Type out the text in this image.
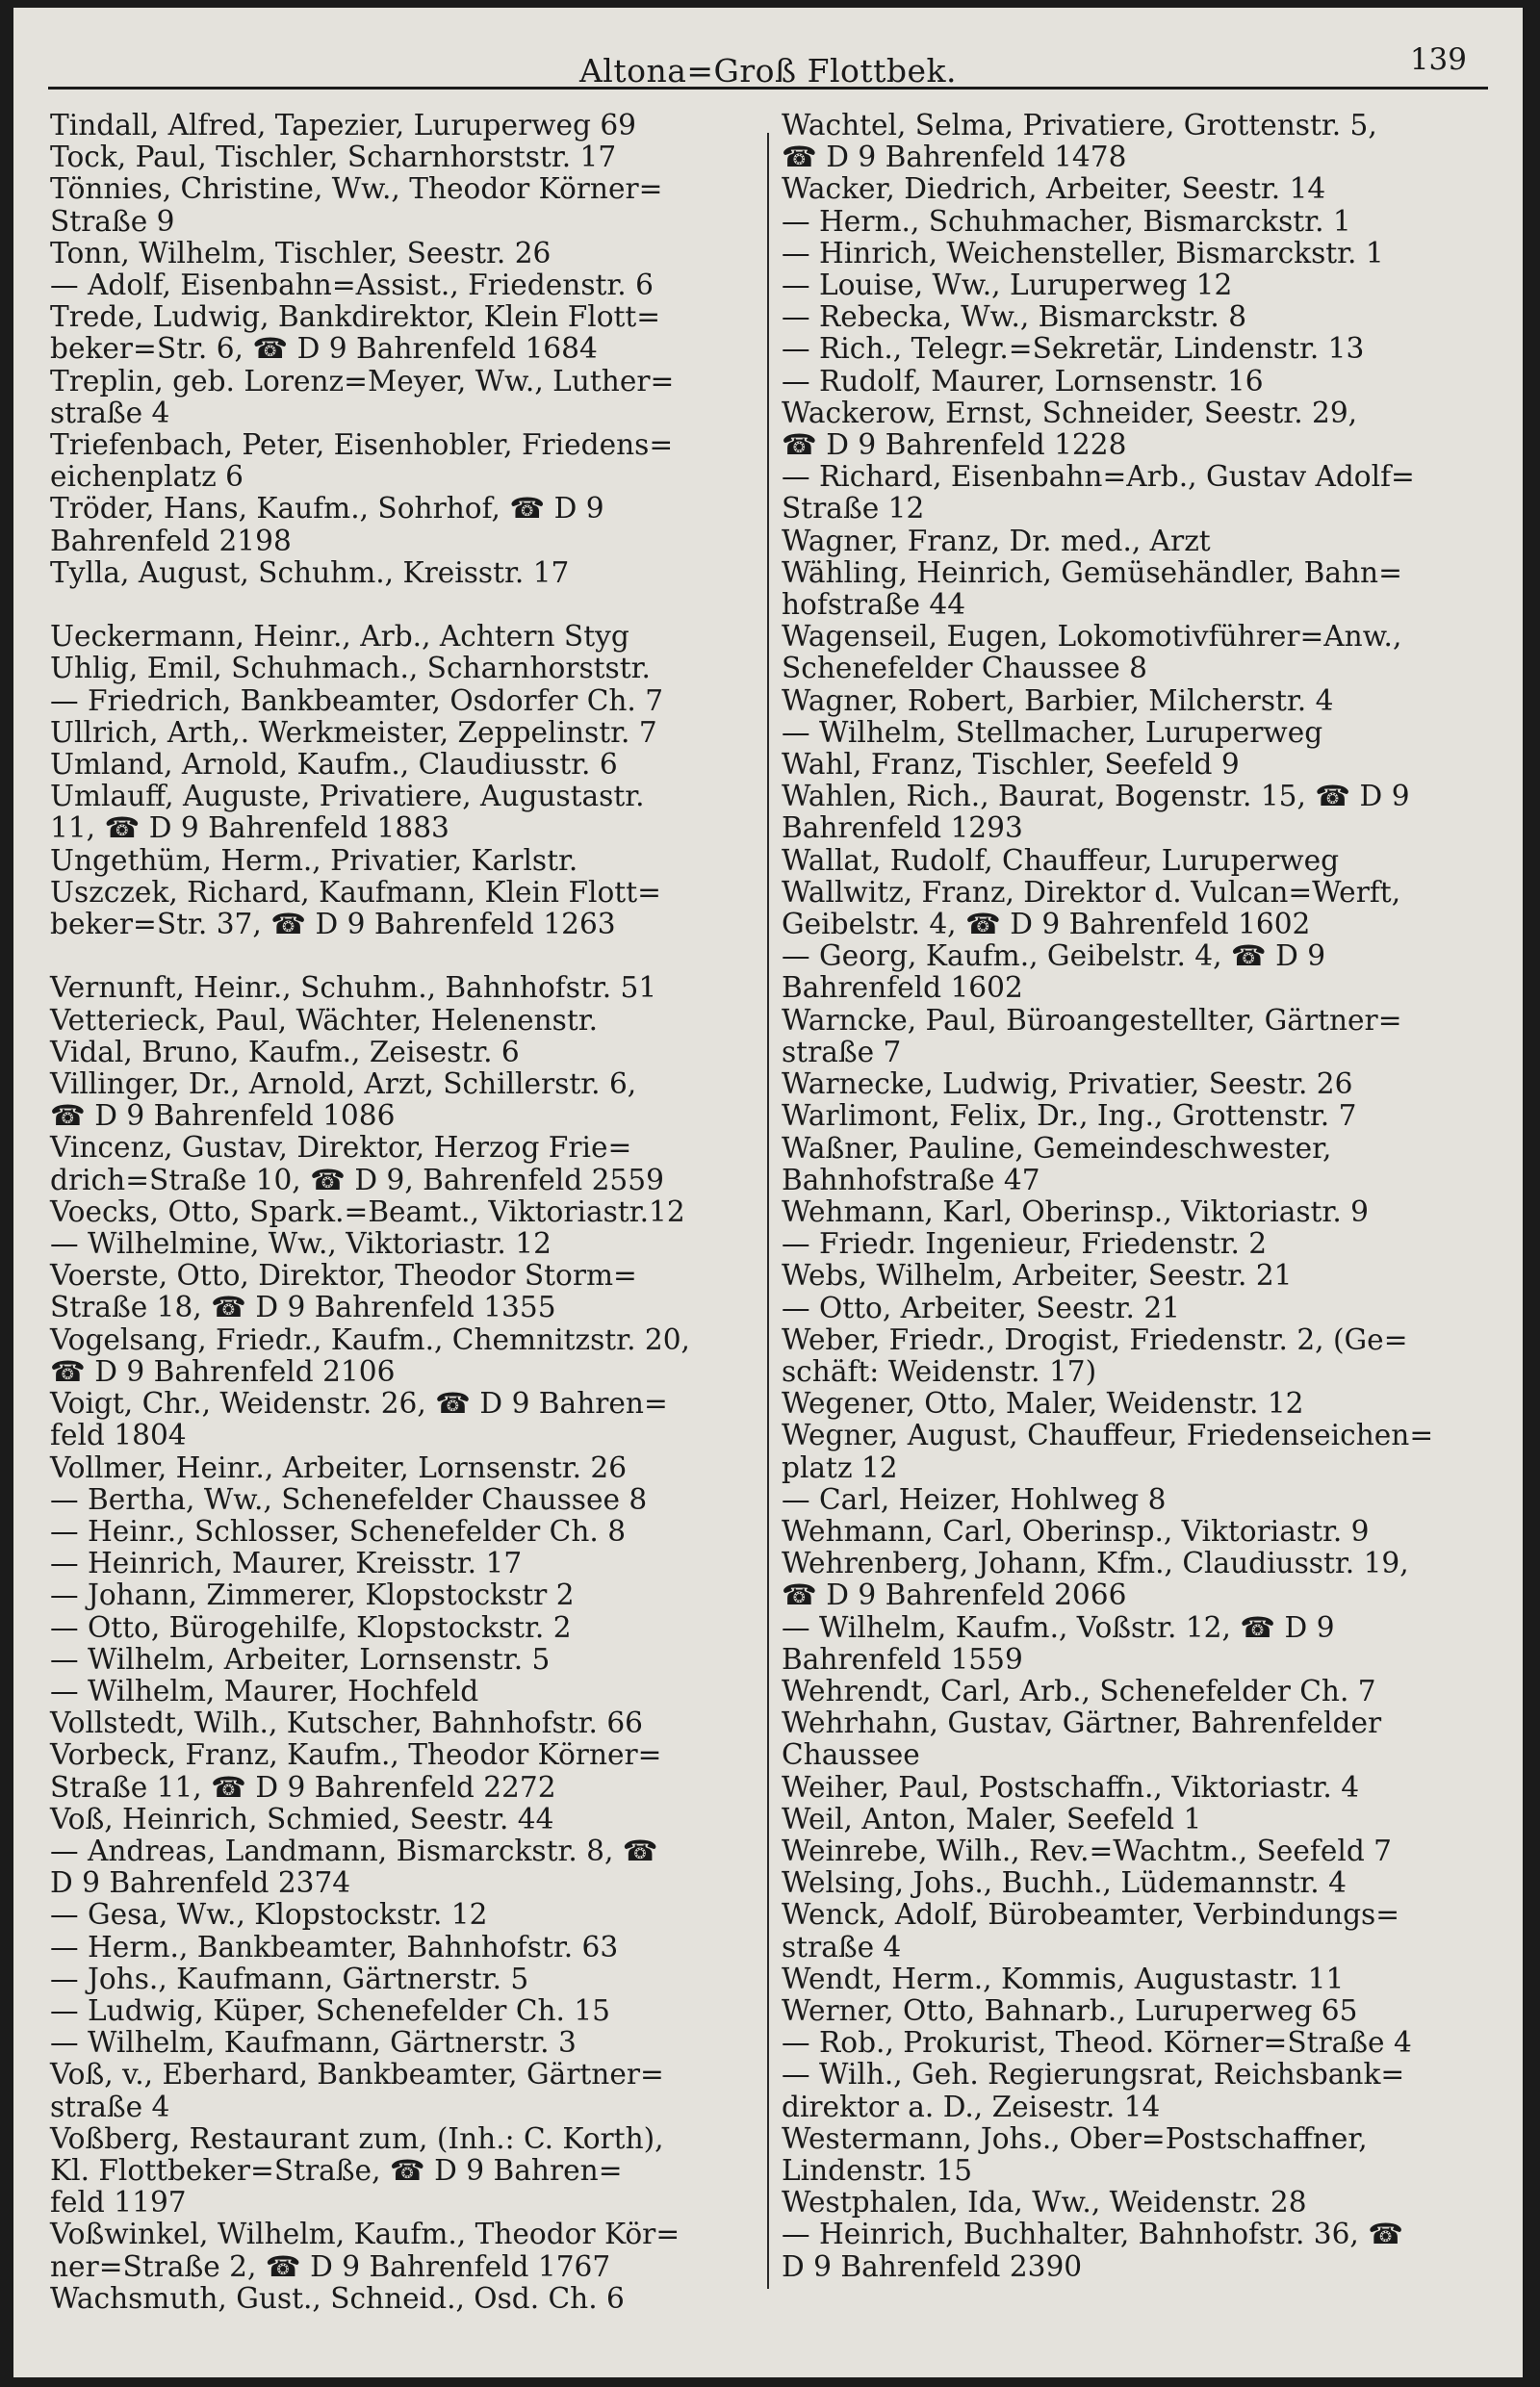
Altona=Groß Flottbek.	139
Tindall, Alfred, Tapezier, Luruperweg 69
Tock, Paul, Tischler, Scharnhorststr. 17
Tönnies, Christine, Ww., Theodor Körner=
Straße 9
Tonn, Wilhelm, Tischler, Seestr. 26
— Adolf, Eisenbahn=Assist., Friedenstr. 6
Trede, Ludwig, Bankdirektor, Klein Flott=
beker=Str. 6, ☎ D 9 Bahrenfeld 1684
Treplin, geb. Lorenz=Meyer, Ww., Luther=
straße 4
Triefenbach, Peter, Eisenhobler, Friedens=
eichenplatz 6
Tröder, Hans, Kaufm., Sohrhof, ☎ D 9
Bahrenfeld 2198
Tylla, August, Schuhm., Kreisstr. 17
Ueckermann, Heinr., Arb., Achtern Styg
Uhlig, Emil, Schuhmach., Scharnhorststr.
— Friedrich, Bankbeamter, Osdorfer Ch. 7
Ullrich, Arth,. Werkmeister, Zeppelinstr. 7
Umland, Arnold, Kaufm., Claudiusstr. 6
Umlauff, Auguste, Privatiere, Augustastr.
11, ☎ D 9 Bahrenfeld 1883
Ungethüm, Herm., Privatier, Karlstr.
Uszczek, Richard, Kaufmann, Klein Flott=
beker=Str. 37, ☎ D 9 Bahrenfeld 1263
Vernunft, Heinr., Schuhm., Bahnhofstr. 51
Vetterieck, Paul, Wächter, Helenenstr.
Vidal, Bruno, Kaufm., Zeisestr. 6
Villinger, Dr., Arnold, Arzt, Schillerstr. 6,
☎ D 9 Bahrenfeld 1086
Vincenz, Gustav, Direktor, Herzog Frie=
drich=Straße 10, ☎ D 9, Bahrenfeld 2559
Voecks, Otto, Spark.=Beamt., Viktoriastr.12
— Wilhelmine, Ww., Viktoriastr. 12
Voerste, Otto, Direktor, Theodor Storm=
Straße 18, ☎ D 9 Bahrenfeld 1355
Vogelsang, Friedr., Kaufm., Chemnitzstr. 20,
☎ D 9 Bahrenfeld 2106
Voigt, Chr., Weidenstr. 26, ☎ D 9 Bahren=
feld 1804
Vollmer, Heinr., Arbeiter, Lornsenstr. 26
— Bertha, Ww., Schenefelder Chaussee 8
— Heinr., Schlosser, Schenefelder Ch. 8
— Heinrich, Maurer, Kreisstr. 17
— Johann, Zimmerer, Klopstockstr 2
— Otto, Bürogehilfe, Klopstockstr. 2
— Wilhelm, Arbeiter, Lornsenstr. 5
— Wilhelm, Maurer, Hochfeld
Vollstedt, Wilh., Kutscher, Bahnhofstr. 66
Vorbeck, Franz, Kaufm., Theodor Körner=
Straße 11, ☎ D 9 Bahrenfeld 2272
Voß, Heinrich, Schmied, Seestr. 44
— Andreas, Landmann, Bismarckstr. 8, ☎
D 9 Bahrenfeld 2374
— Gesa, Ww., Klopstockstr. 12
— Herm., Bankbeamter, Bahnhofstr. 63
— Johs., Kaufmann, Gärtnerstr. 5
— Ludwig, Küper, Schenefelder Ch. 15
— Wilhelm, Kaufmann, Gärtnerstr. 3
Voß, v., Eberhard, Bankbeamter, Gärtner=
straße 4
Voßberg, Restaurant zum, (Inh.: C. Korth),
Kl. Flottbeker=Straße, ☎ D 9 Bahren=
feld 1197
Voßwinkel, Wilhelm, Kaufm., Theodor Kör=
ner=Straße 2, ☎ D 9 Bahrenfeld 1767
Wachsmuth, Gust., Schneid., Osd. Ch. 6
Wachtel, Selma, Privatiere, Grottenstr. 5,
☎ D 9 Bahrenfeld 1478
Wacker, Diedrich, Arbeiter, Seestr. 14
— Herm., Schuhmacher, Bismarckstr. 1
— Hinrich, Weichensteller, Bismarckstr. 1
— Louise, Ww., Luruperweg 12
— Rebecka, Ww., Bismarckstr. 8
— Rich., Telegr.=Sekretär, Lindenstr. 13
— Rudolf, Maurer, Lornsenstr. 16
Wackerow, Ernst, Schneider, Seestr. 29,
☎ D 9 Bahrenfeld 1228
— Richard, Eisenbahn=Arb., Gustav Adolf=
Straße 12
Wagner, Franz, Dr. med., Arzt
Wähling, Heinrich, Gemüsehändler, Bahn=
hofstraße 44
Wagenseil, Eugen, Lokomotivführer=Anw.,
Schenefelder Chaussee 8
Wagner, Robert, Barbier, Milcherstr. 4
— Wilhelm, Stellmacher, Luruperweg
Wahl, Franz, Tischler, Seefeld 9
Wahlen, Rich., Baurat, Bogenstr. 15, ☎ D 9
Bahrenfeld 1293
Wallat, Rudolf, Chauffeur, Luruperweg
Wallwitz, Franz, Direktor d. Vulcan=Werft,
Geibelstr. 4, ☎ D 9 Bahrenfeld 1602
— Georg, Kaufm., Geibelstr. 4, ☎ D 9
Bahrenfeld 1602
Warncke, Paul, Büroangestellter, Gärtner=
straße 7
Warnecke, Ludwig, Privatier, Seestr. 26
Warlimont, Felix, Dr., Ing., Grottenstr. 7
Waßner, Pauline, Gemeindeschwester,
Bahnhofstraße 47
Wehmann, Karl, Oberinsp., Viktoriastr. 9
— Friedr. Ingenieur, Friedenstr. 2
Webs, Wilhelm, Arbeiter, Seestr. 21
— Otto, Arbeiter, Seestr. 21
Weber, Friedr., Drogist, Friedenstr. 2, (Ge=
schäft: Weidenstr. 17)
Wegener, Otto, Maler, Weidenstr. 12
Wegner, August, Chauffeur, Friedenseichen=
platz 12
— Carl, Heizer, Hohlweg 8
Wehmann, Carl, Oberinsp., Viktoriastr. 9
Wehrenberg, Johann, Kfm., Claudiusstr. 19,
☎ D 9 Bahrenfeld 2066
— Wilhelm, Kaufm., Voßstr. 12, ☎ D 9
Bahrenfeld 1559
Wehrendt, Carl, Arb., Schenefelder Ch. 7
Wehrhahn, Gustav, Gärtner, Bahrenfelder
Chaussee
Weiher, Paul, Postschaffn., Viktoriastr. 4
Weil, Anton, Maler, Seefeld 1
Weinrebe, Wilh., Rev.=Wachtm., Seefeld 7
Welsing, Johs., Buchh., Lüdemannstr. 4
Wenck, Adolf, Bürobeamter, Verbindungs=
straße 4
Wendt, Herm., Kommis, Augustastr. 11
Werner, Otto, Bahnarb., Luruperweg 65
— Rob., Prokurist, Theod. Körner=Straße 4
— Wilh., Geh. Regierungsrat, Reichsbank=
direktor a. D., Zeisestr. 14
Westermann, Johs., Ober=Postschaffner,
Lindenstr. 15
Westphalen, Ida, Ww., Weidenstr. 28
— Heinrich, Buchhalter, Bahnhofstr. 36, ☎
D 9 Bahrenfeld 2390
